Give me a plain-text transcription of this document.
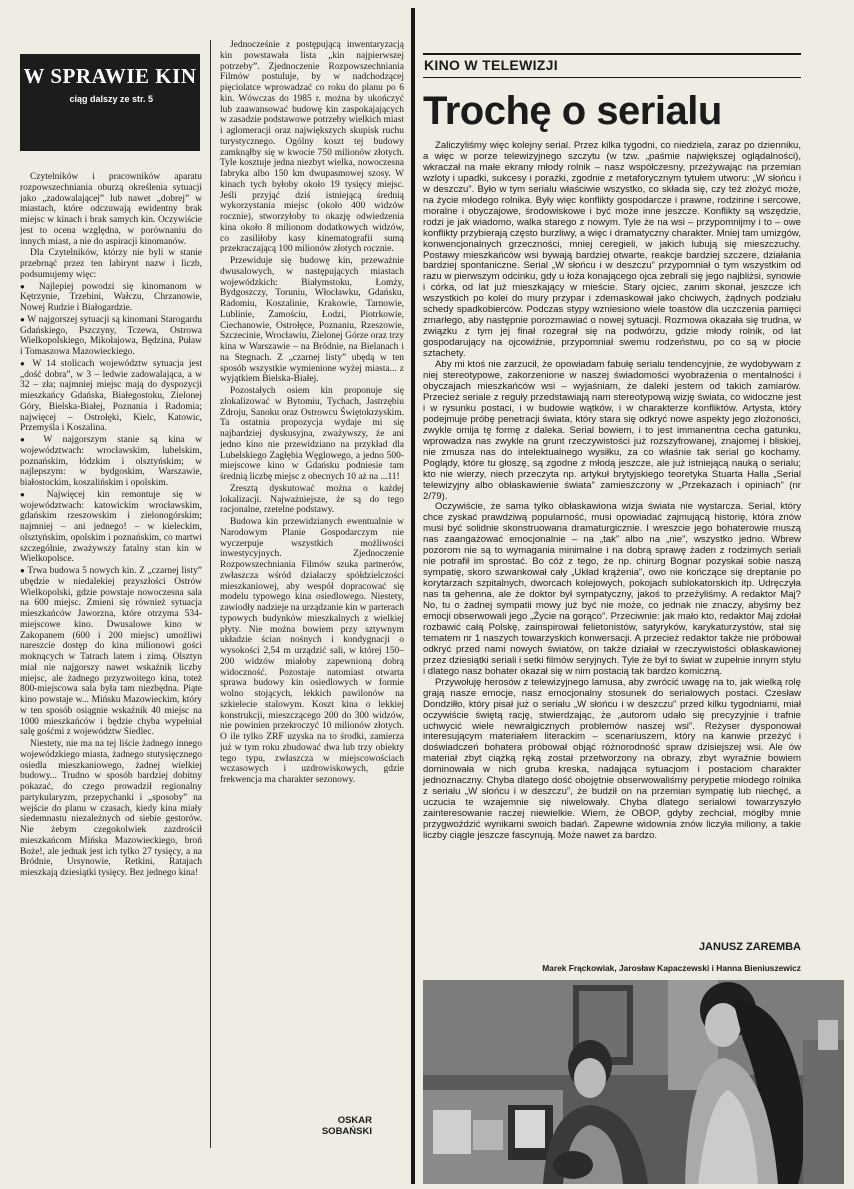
W SPRAWIE KIN
ciąg dalszy ze str. 5

Czytelników i pracowników aparatu rozpowszechniania oburzą określenia sytuacji jako „zadowalającej” lub nawet „dobrej” w miastach, które odczuwają ewidentny brak miejsc w kinach i brak samych kin. Oczywiście jest to ocena względna, w porównaniu do innych miast, a nie do aspiracji kinomanów.

Dla Czytelników, którzy nie byli w stanie przebrnąć przez ten labirynt nazw i liczb, podsumujemy więc:

● Najlepiej powodzi się kinomanom w Kętrzynie, Trzebini, Wałczu, Chrzanowie, Nowej Rudzie i Białogardzie.

● W najgorszej sytuacji są kinomani Starogardu Gdańskiego, Pszczyny, Tczewa, Ostrowa Wielkopolskiego, Mikołajowa, Będzina, Puław i Tomaszowa Mazowieckiego.

● W 14 stolicach województw sytuacja jest „dość dobra”, w 3 – ledwie zadowalająca, a w 32 – zła; najmniej miejsc mają do dyspozycji mieszkańcy Gdańska, Białegostoku, Zielonej Góry, Bielska-Białej, Poznania i Radomia; najwięcej – Ostrołęki, Kielc, Katowic, Przemyśla i Koszalina.

● W najgorszym stanie są kina w województwach: wrocławskim, lubelskim, poznańskim, łódzkim i olsztyńskim; w najlepszym: w bydgoskim, Warszawie, białostockim, koszalińskim i opolskim.

● Najwięcej kin remontuje się w województwach: katowickim wrocławskim, gdańskim rzeszowskim i zielonogórskim; najmniej – ani jednego! – w kieleckim, olsztyńskim, opolskim i poznańskim, co martwi szczególnie, zważywszy fatalny stan kin w Wielkopolsce.

● Trwa budowa 5 nowych kin. Z „czarnej listy” ubędzie w niedalekiej przyszłości Ostrów Wielkopolski, gdzie powstaje nowoczesna sala na 600 miejsc. Zmieni się również sytuacja mieszkańców Jaworzna, które otrzyma 534-miejscowe kino. Dwusalowe kino w Zakopanem (600 i 200 miejsc) umożliwi nareszcie dostęp do kina milionowi gości moknących w Tatrach latem i zimą. Olsztyn miał nie najgorszy nawet wskaźnik liczby miejsc, ale żadnego przyzwoitego kina, toteż 800-miejscowa sala była tam niezbędna. Piąte kino powstaje w... Mińsku Mazowieckim, który w ten sposób osiągnie wskaźnik 40 miejsc na 1000 mieszkańców i będzie chyba wypełniał salę gośćmi z województw Siedlec.

Niestety, nie ma na tej liście żadnego innego wojewódzkiego miasta, żadnego stutysięcznego osiedla mieszkaniowego, żadnej wielkiej budowy... Trudno w sposób bardziej dobitny pokazać, do czego prowadził regionalny partykularyzm, przepychanki i „sposoby” na wejście do planu w czasach, kiedy kina miały siedemnastu niezależnych od siebie gestorów. Nie żebym czegokolwiek zazdrościł mieszkańcom Mińska Mazowieckiego, broń Boże!, ale jednak jest ich tylko 27 tysięcy, a na Bródnie, Ursynowie, Retkini, Ratajach mieszkają dziesiątki tysięcy. Bez jednego kina!

Jednocześnie z postępującą inwentaryzacją kin powstawała lista „kin najpierwszej potrzeby”. Zjednoczenie Rozpowszechniania Filmów postuluje, by w nadchodzącej pięciolatce wprowadzać co roku do planu po 6 kin. Wówczas do 1985 r. można by ukończyć lub zaawansować budowę kin zaspokajających w zasadzie podstawowe potrzeby wielkich miast i aglomeracji oraz największych skupisk ruchu turystycznego. Ogólny koszt tej budowy zamknąłby się w kwocie 750 milionów złotych. Tyle kosztuje jedna niezbyt wielka, nowoczesna fabryka albo 150 km dwupasmowej szosy. W kinach tych byłoby około 19 tysięcy miejsc. Jeśli przyjąć dziś istniejącą średnią wykorzystania miejsc (około 400 widzów rocznie), stworzyłoby to okazję odwiedzenia kina około 8 milionom dodatkowych widzów, co zasiliłoby kasy kinematografii sumą przekraczającą 100 milionów złotych rocznie.

Przewiduje się budowę kin, przeważnie dwusalowych, w następujących miastach wojewódzkich: Białymstoku, Łomży, Bydgoszczy, Toruniu, Włocławku, Gdańsku, Radomiu, Koszalinie, Krakowie, Tarnowie, Lublinie, Zamościu, Łodzi, Piotrkowie, Ciechanowie, Ostrołęce, Poznaniu, Rzeszowie, Szczecinie, Wrocławiu, Zielonej Górze oraz trzy kina w Warszawie – na Bródnie, na Bielanach i na Stegnach. Z „czarnej listy” ubędą w ten sposób wszystkie wymienione wyżej miasta... z wyjątkiem Bielska-Białej.

Pozostałych osiem kin proponuje się zlokalizować w Bytomiu, Tychach, Jastrzębiu Zdroju, Sanoku oraz Ostrowcu Świętokrzyskim. Ta ostatnia propozycja wydaje mi się najbardziej dyskusyjna, zważywszy, że ani jedno kino nie przewidziano na przykład dla Lubelskiego Zagłębia Węglowego, a jedno 500-miejscowe kino w Gdańsku podniesie tam średnią liczbę miejsc z obecnych 10 aż na ...11!

Zresztą dyskutować można o każdej lokalizacji. Najważniejsze, że są do tego racjonalne, rzetelne podstawy.

Budowa kin przewidzianych ewentualnie w Narodowym Planie Gospodarczym nie wyczerpuje wszystkich możliwości inwestycyjnych. Zjednoczenie Rozpowszechniania Filmów szuka partnerów, zwłaszcza wśród działaczy spółdzielczości mieszkaniowej, aby wespół dopracować się modelu typowego kina osiedlowego. Niestety, zawiodły nadzieje na urządzanie kin w parterach typowych budynków mieszkalnych z wielkiej płyty. Nie można bowiem przy sztywnym układzie ścian nośnych i kondygnacji o wysokości 2,54 m urządzić sali, w której 150–200 widzów miałoby zapewnioną dobrą widoczność. Pozostaje natomiast otwarta sprawa budowy kin osiedlowych w formie wolno stojących, lekkich pawilonów na szkielecie stalowym. Koszt kina o lekkiej konstrukcji, mieszczącego 200 do 300 widzów, nie powinien przekroczyć 10 milionów złotych. O ile tylko ZRF uzyska na to środki, zamierza już w tym roku zbudować dwa lub trzy obiekty tego typu, zwłaszcza w miejscowościach wczasowych i uzdrowiskowych, gdzie frekwencja ma charakter sezonowy.

OSKAR SOBAŃSKI
KINO W TELEWIZJI
Trochę o serialu

Zaliczyliśmy więc kolejny serial. Przez kilka tygodni, co niedziela, zaraz po dzienniku, a więc w porze telewizyjnego szczytu (w tzw. „paśmie największej oglądalności), wkraczał na małe ekrany młody rolnik – nasz współczesny, przeżywając na przemian wzloty i upadki, sukcesy i porażki, zgodnie z metaforycznym tytułem utworu: „W słońcu i w deszczu”. Było w tym serialu właściwie wszystko, co składa się, czy też złożyć może, na życie młodego rolnika. Były więc konflikty gospodarcze i prawne, rodzinne i sercowe, moralne i obyczajowe, środowiskowe i być może inne jeszcze. Konflikty są wszędzie, rodzi je jak wiadomo, walka starego z nowym. Tyle że na wsi – przypomnijmy i to – owe konflikty przybierają często burzliwy, a więc i dramatyczny charakter. Mniej tam umizgów, konwencjonalnych grzeczności, mniej ceregieli, w jakich lubują się mieszczuchy. Postawy mieszkańców wsi bywają bardziej otwarte, reakcje bardziej szczere, działania bardziej spontaniczne. Serial „W słońcu i w deszczu” przypomniał o tym wszystkim od razu w pierwszym odcinku, gdy u łoża konającego ojca zebrali się jego najbliżsi, synowie i córka, od lat już mieszkający w mieście. Stary ojciec, zanim skonał, jeszcze ich wszystkich po kolei do mury przypar i zdemaskował jako chciwych, żądnych podziału schedy spadkobierców. Podczas stypy wzniesiono wiele toastów dla uczczenia pamięci zmarłego, aby następnie porozmawiać o nowej sytuacji. Rozmowa okazała się trudna, w związku z tym jej finał rozegrał się na podwórzu, gdzie młody rolnik, od lat gospodarujący na ojcowiźnie, przypomniał swemu rodzeństwu, po co są w płocie sztachety.

Aby mi ktoś nie zarzucił, że opowiadam fabułę serialu tendencyjnie, że wydobywam z niej stereotypowe, zakorzenione w naszej świadomości wyobrażenia o mentalności i obyczajach mieszkańców wsi – wyjaśniam, że daleki jestem od takich zamiarów. Przecież seriale z reguły przedstawiają nam stereotypową wizję świata, co widoczne jest i w rysunku postaci, i w budowie wątków, i w charakterze konfliktów. Artysta, który podejmuje próbę penetracji świata, który stara się odkryć nowe aspekty jego złożoności, zwykle omija tę formę z daleka. Serial bowiem, i to jest immanentna cecha gatunku, wprowadza nas zwykle na grunt rzeczywistości już rozszyfrowanej, znajomej i bliskiej, nie zmusza nas do intelektualnego wysiłku, za co właśnie tak serial go kochamy. Poglądy, które tu głoszę, są zgodne z młodą jeszcze, ale już istniejącą nauką o serialu; kto nie wierzy, niech przeczyta np. artykuł brytyjskiego teoretyka Stuarta Halla „Serial telewizyjny albo obłaskawienie świata” zamieszczony w „Przekazach i opiniach” (nr 2/79).

Oczywiście, że sama tylko obłaskawiona wizja świata nie wystarcza. Serial, który chce zyskać prawdziwą popularność, musi opowiadać zajmującą historię, która znów musi być solidnie skonstruowana dramaturgicznie. I wreszcie jego bohaterowie muszą nas zaangażować emocjonalnie – na „tak” albo na „nie”, wszystko jedno. Wbrew pozorom nie są to wymagania minimalne i na dobrą sprawę żaden z rodzimych seriali nie potrafił im sprostać. Bo cóż z tego, że np. chirurg Bognar pozyskał sobie naszą sympatię, skoro szwankował cały „Układ krążenia”, owo nie kończące się dreptanie po korytarzach szpitalnych, dworcach kolejowych, pokojach sublokatorskich itp. Udręczyła nas ta gehenna, ale że doktor był sympatyczny, jakoś to przeżyliśmy. A redaktor Maj? No, tu o żadnej sympatii mowy już być nie może, co jednak nie znaczy, abyśmy bez emocji obserwowali jego „Życie na gorąco”. Przeciwnie: jak mało kto, redaktor Maj zdołał rozbawić całą Polskę, zainspirował felietonistów, satyryków, karykaturzystów, stał się tematem nr 1 naszych towarzyskich konwersacji. A przecież redaktor także nie próbował odkryć przed nami nowych światów, on także działał w rzeczywistości obłaskawionej przez dziesiątki seriali i setki filmów seryjnych. Tyle że był to świat w zupełnie innym stylu i dlatego nasz bohater okazał się w nim postacią tak bardzo komiczną.

Przywołuję herosów z telewizyjnego lamusa, aby zwrócić uwagę na to, jak wielką rolę grają nasze emocje, nasz emocjonalny stosunek do serialowych postaci. Czesław Dondziłło, który pisał już o serialu „W słońcu i w deszczu” przed kilku tygodniami, miał oczywiście świętą rację, stwierdzając, że „autorom udało się precyzyjnie i trafnie uchwycić wiele newralgicznych problemów naszej wsi”. Reżyser dysponował interesującym materiałem literackim – scenariuszem, który na kanwie przeżyć i doświadczeń bohatera próbował objąć różnorodność spraw dzisiejszej wsi. Ale ów materiał zbyt ciążką ręką został przetworzony na obrazy, zbyt wyraźnie bowiem dominowała w nich gruba kreska, nadająca sytuacjom i postaciom charakter jednoznaczny. Chyba dlatego dość obojętnie obserwowaliśmy perypetie młodego rolnika z serialu „W słońcu i w deszczu”, że budził on na przemian sympatię lub niechęć, a uczucia te wzajemnie się niwelowały. Chyba dlatego serialowi towarzyszyło zainteresowanie raczej niewielkie. Wiem, że OBOP, gdyby zechciał, mógłby mnie przygwoździć wynikami swoich badań. Zapewne widownia znów liczyła miliony, a takie liczby ciągle jeszcze fascynują. Może nawet za bardzo.

JANUSZ ZAREMBA
Marek Frąckowiak, Jarosław Kapaczewski i Hanna Bieniuszewicz
